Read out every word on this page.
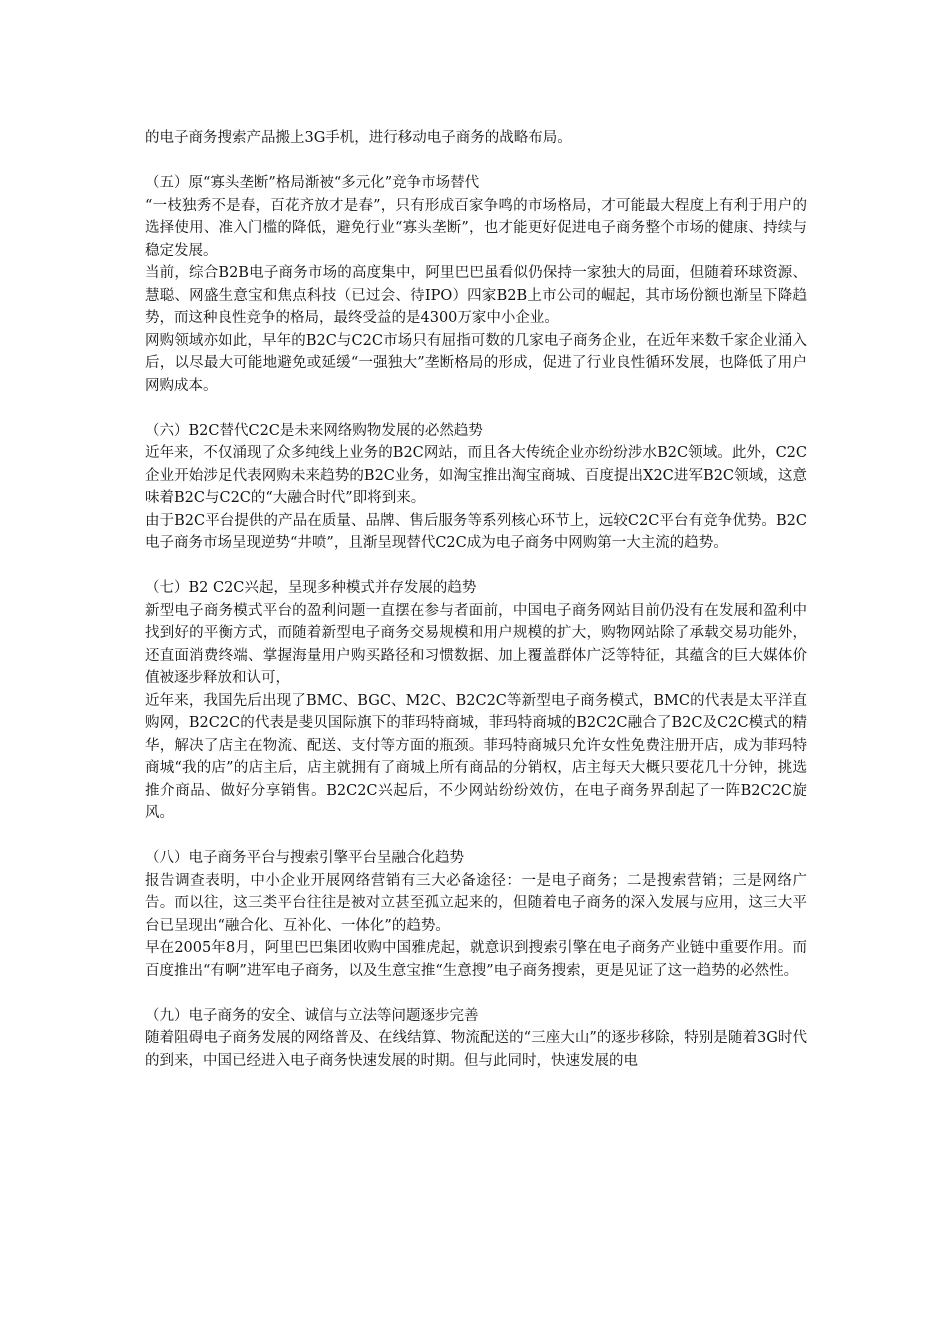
的电子商务搜索产品搬上3G手机，进行移动电子商务的战略布局。

（五）原“寡头垄断”格局渐被“多元化”竞争市场替代

“一枝独秀不是春，百花齐放才是春”，只有形成百家争鸣的市场格局，才可能最大程度上有利于用户的选择使用、准入门槛的降低，避免行业“寡头垄断”，也才能更好促进电子商务整个市场的健康、持续与稳定发展。

当前，综合B2B电子商务市场的高度集中，阿里巴巴虽看似仍保持一家独大的局面，但随着环球资源、慧聪、网盛生意宝和焦点科技（已过会、待IPO）四家B2B上市公司的崛起，其市场份额也渐呈下降趋势，而这种良性竞争的格局，最终受益的是4300万家中小企业。

网购领域亦如此，早年的B2C与C2C市场只有屈指可数的几家电子商务企业，在近年来数千家企业涌入后，以尽最大可能地避免或延缓“一强独大”垄断格局的形成，促进了行业良性循环发展，也降低了用户网购成本。

（六）B2C替代C2C是未来网络购物发展的必然趋势

近年来，不仅涌现了众多纯线上业务的B2C网站，而且各大传统企业亦纷纷涉水B2C领域。此外，C2C企业开始涉足代表网购未来趋势的B2C业务，如淘宝推出淘宝商城、百度提出X2C进军B2C领域，这意味着B2C与C2C的“大融合时代”即将到来。

由于B2C平台提供的产品在质量、品牌、售后服务等系列核心环节上，远较C2C平台有竞争优势。B2C电子商务市场呈现逆势“井喷”，且渐呈现替代C2C成为电子商务中网购第一大主流的趋势。

（七）B2 C2C兴起，呈现多种模式并存发展的趋势

新型电子商务模式平台的盈利问题一直摆在参与者面前，中国电子商务网站目前仍没有在发展和盈利中找到好的平衡方式，而随着新型电子商务交易规模和用户规模的扩大，购物网站除了承载交易功能外，还直面消费终端、掌握海量用户购买路径和习惯数据、加上覆盖群体广泛等特征，其蕴含的巨大媒体价值被逐步释放和认可，

近年来，我国先后出现了BMC、BGC、M2C、B2C2C等新型电子商务模式，BMC的代表是太平洋直购网，B2C2C的代表是斐贝国际旗下的菲玛特商城，菲玛特商城的B2C2C融合了B2C及C2C模式的精华，解决了店主在物流、配送、支付等方面的瓶颈。菲玛特商城只允许女性免费注册开店，成为菲玛特商城“我的店”的店主后，店主就拥有了商城上所有商品的分销权，店主每天大概只要花几十分钟，挑选推介商品、做好分享销售。B2C2C兴起后，不少网站纷纷效仿，在电子商务界刮起了一阵B2C2C旋风。

（八）电子商务平台与搜索引擎平台呈融合化趋势

报告调查表明，中小企业开展网络营销有三大必备途径：一是电子商务；二是搜索营销；三是网络广告。而以往，这三类平台往往是被对立甚至孤立起来的，但随着电子商务的深入发展与应用，这三大平台已呈现出“融合化、互补化、一体化”的趋势。

早在2005年8月，阿里巴巴集团收购中国雅虎起，就意识到搜索引擎在电子商务产业链中重要作用。而百度推出“有啊”进军电子商务，以及生意宝推“生意搜”电子商务搜索，更是见证了这一趋势的必然性。

（九）电子商务的安全、诚信与立法等问题逐步完善

随着阻碍电子商务发展的网络普及、在线结算、物流配送的“三座大山”的逐步移除，特别是随着3G时代的到来，中国已经进入电子商务快速发展的时期。但与此同时，快速发展的电
